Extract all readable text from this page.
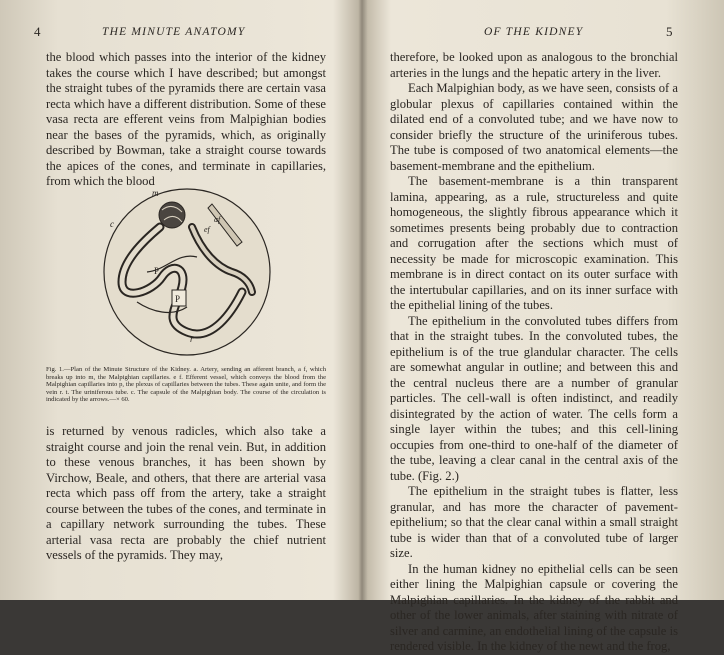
4	THE MINUTE ANATOMY

the blood which passes into the interior of the kidney takes the course which I have described; but amongst the straight tubes of the pyramids there are certain vasa recta which have a different distribution. Some of these vasa recta are efferent veins from Malpighian bodies near the bases of the pyramids, which, as originally described by Bowman, take a straight course towards the apices of the cones, and terminate in capillaries, from which the blood

m
c
ef
af
P
P
r
Fig. 1.—Plan of the Minute Structure of the Kidney. a. Artery, sending an afferent branch, a f, which breaks up into m, the Malpighian capillaries. e f. Efferent vessel, which conveys the blood from the Malpighian capillaries into p, the plexus of capillaries between the tubes. These again unite, and form the vein r. t. The uriniferous tube. c. The capsule of the Malpighian body. The course of the circulation is indicated by the arrows.—× 60.

is returned by venous radicles, which also take a straight course and join the renal vein. But, in addition to these venous branches, it has been shown by Virchow, Beale, and others, that there are arterial vasa recta which pass off from the artery, take a straight course between the tubes of the cones, and terminate in a capillary network surrounding the tubes. These arterial vasa recta are probably the chief nutrient vessels of the pyramids. They may,

OF THE KIDNEY	5

therefore, be looked upon as analogous to the bronchial arteries in the lungs and the hepatic artery in the liver.

Each Malpighian body, as we have seen, consists of a globular plexus of capillaries contained within the dilated end of a convoluted tube; and we have now to consider briefly the structure of the uriniferous tubes. The tube is composed of two anatomical elements—the basement-membrane and the epithelium.

The basement-membrane is a thin transparent lamina, appearing, as a rule, structureless and quite homogeneous, the slightly fibrous appearance which it sometimes presents being probably due to contraction and corrugation after the sections which must of necessity be made for microscopic examination. This membrane is in direct contact on its outer surface with the intertubular capillaries, and on its inner surface with the epithelial lining of the tubes.

The epithelium in the convoluted tubes differs from that in the straight tubes. In the convoluted tubes, the epithelium is of the true glandular character. The cells are somewhat angular in outline; and between this and the central nucleus there are a number of granular particles. The cell-wall is often indistinct, and readily disintegrated by the action of water. The cells form a single layer within the tubes; and this cell-lining occupies from one-third to one-half of the diameter of the tube, leaving a clear canal in the central axis of the tube. (Fig. 2.)

The epithelium in the straight tubes is flatter, less granular, and has more the character of pavement-epithelium; so that the clear canal within a small straight tube is wider than that of a convoluted tube of larger size.

In the human kidney no epithelial cells can be seen either lining the Malpighian capsule or covering the Malpighian capillaries. In the kidney of the rabbit and other of the lower animals, after staining with nitrate of silver and carmine, an endothelial lining of the capsule is rendered visible. In the kidney of the newt and the frog,
